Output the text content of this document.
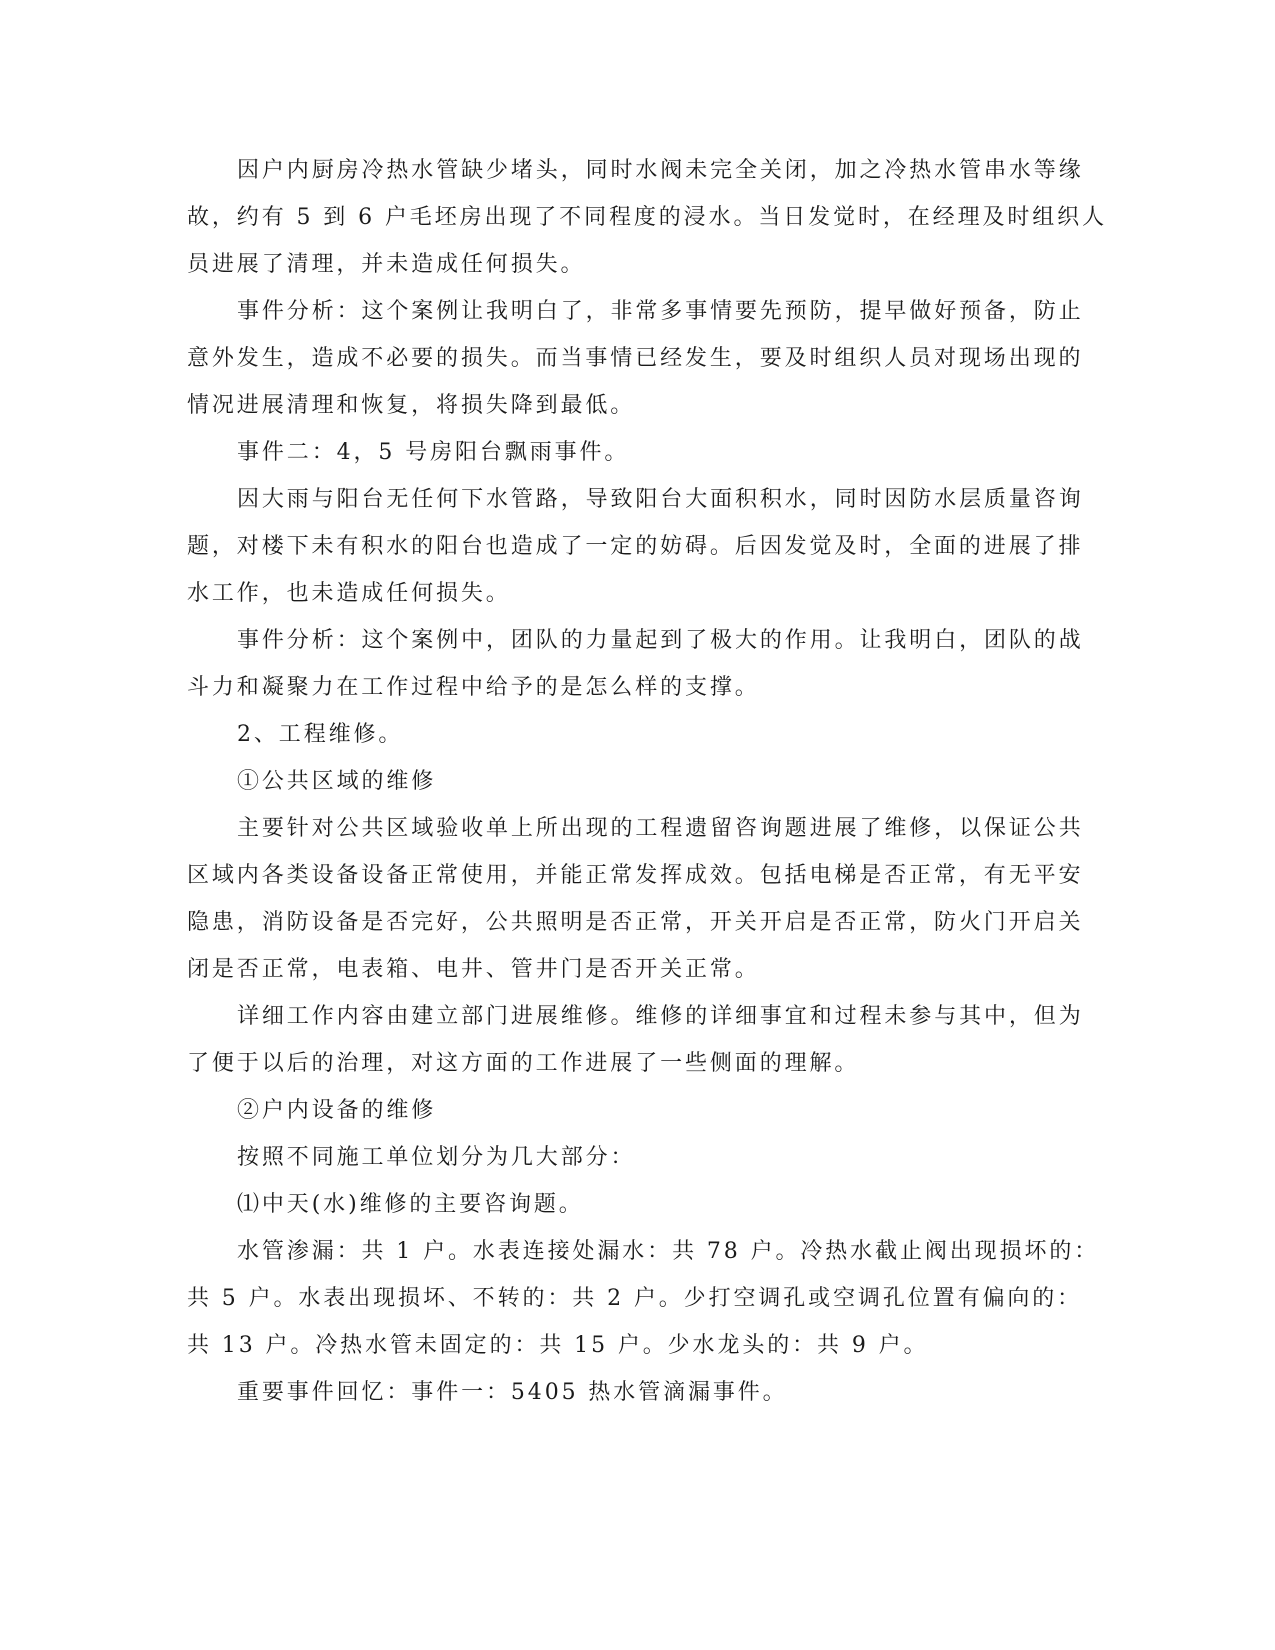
因户内厨房冷热水管缺少堵头，同时水阀未完全关闭，加之冷热水管串水等缘
故，约有 5 到 6 户毛坯房出现了不同程度的浸水。当日发觉时，在经理及时组织人
员进展了清理，并未造成任何损失。
事件分析：这个案例让我明白了，非常多事情要先预防，提早做好预备，防止
意外发生，造成不必要的损失。而当事情已经发生，要及时组织人员对现场出现的
情况进展清理和恢复，将损失降到最低。
事件二：4，5 号房阳台飘雨事件。
因大雨与阳台无任何下水管路，导致阳台大面积积水，同时因防水层质量咨询
题，对楼下未有积水的阳台也造成了一定的妨碍。后因发觉及时，全面的进展了排
水工作，也未造成任何损失。
事件分析：这个案例中，团队的力量起到了极大的作用。让我明白，团队的战
斗力和凝聚力在工作过程中给予的是怎么样的支撑。
2、工程维修。
①公共区域的维修
主要针对公共区域验收单上所出现的工程遗留咨询题进展了维修，以保证公共
区域内各类设备设备正常使用，并能正常发挥成效。包括电梯是否正常，有无平安
隐患，消防设备是否完好，公共照明是否正常，开关开启是否正常，防火门开启关
闭是否正常，电表箱、电井、管井门是否开关正常。
详细工作内容由建立部门进展维修。维修的详细事宜和过程未参与其中，但为
了便于以后的治理，对这方面的工作进展了一些侧面的理解。
②户内设备的维修
按照不同施工单位划分为几大部分：
⑴中天(水)维修的主要咨询题。
水管渗漏：共 1 户。水表连接处漏水：共 78 户。冷热水截止阀出现损坏的：
共 5 户。水表出现损坏、不转的：共 2 户。少打空调孔或空调孔位置有偏向的：
共 13 户。冷热水管未固定的：共 15 户。少水龙头的：共 9 户。
重要事件回忆：事件一：5405 热水管滴漏事件。
